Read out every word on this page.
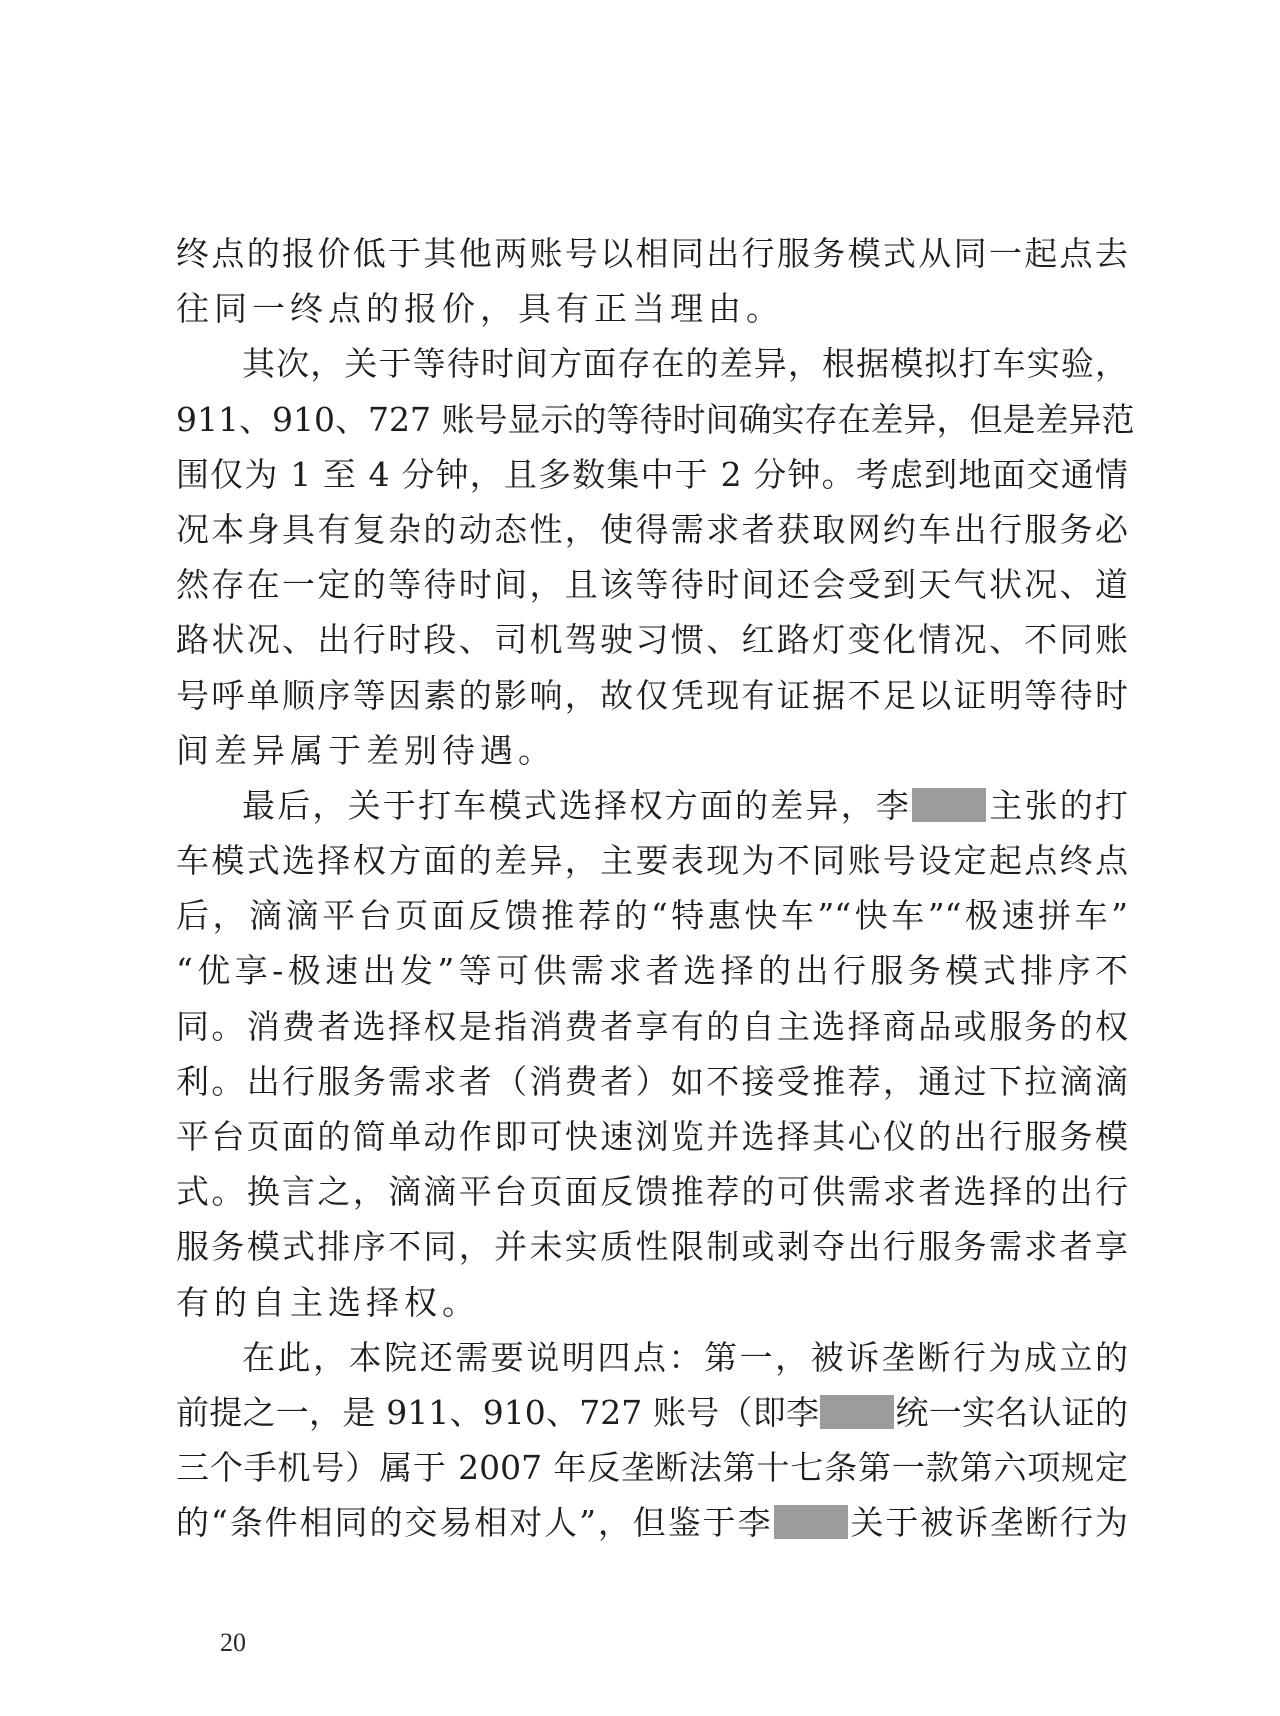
终点的报价低于其他两账号以相同出行服务模式从同一起点去
往同一终点的报价，具有正当理由。
其次，关于等待时间方面存在的差异，根据模拟打车实验，
911、910、727 账号显示的等待时间确实存在差异，但是差异范
围仅为 1 至 4 分钟，且多数集中于 2 分钟。考虑到地面交通情
况本身具有复杂的动态性，使得需求者获取网约车出行服务必
然存在一定的等待时间，且该等待时间还会受到天气状况、道
路状况、出行时段、司机驾驶习惯、红路灯变化情况、不同账
号呼单顺序等因素的影响，故仅凭现有证据不足以证明等待时
间差异属于差别待遇。
最后，关于打车模式选择权方面的差异，李 主张的打
车模式选择权方面的差异，主要表现为不同账号设定起点终点
后，滴滴平台页面反馈推荐的“特惠快车”“快车”“极速拼车”
“优享-极速出发”等可供需求者选择的出行服务模式排序不
同。消费者选择权是指消费者享有的自主选择商品或服务的权
利。出行服务需求者（消费者）如不接受推荐，通过下拉滴滴
平台页面的简单动作即可快速浏览并选择其心仪的出行服务模
式。换言之，滴滴平台页面反馈推荐的可供需求者选择的出行
服务模式排序不同，并未实质性限制或剥夺出行服务需求者享
有的自主选择权。
在此，本院还需要说明四点：第一，被诉垄断行为成立的
前提之一，是 911、910、727 账号（即李 统一实名认证的
三个手机号）属于 2007 年反垄断法第十七条第一款第六项规定
的“条件相同的交易相对人”，但鉴于李 关于被诉垄断行为
20
